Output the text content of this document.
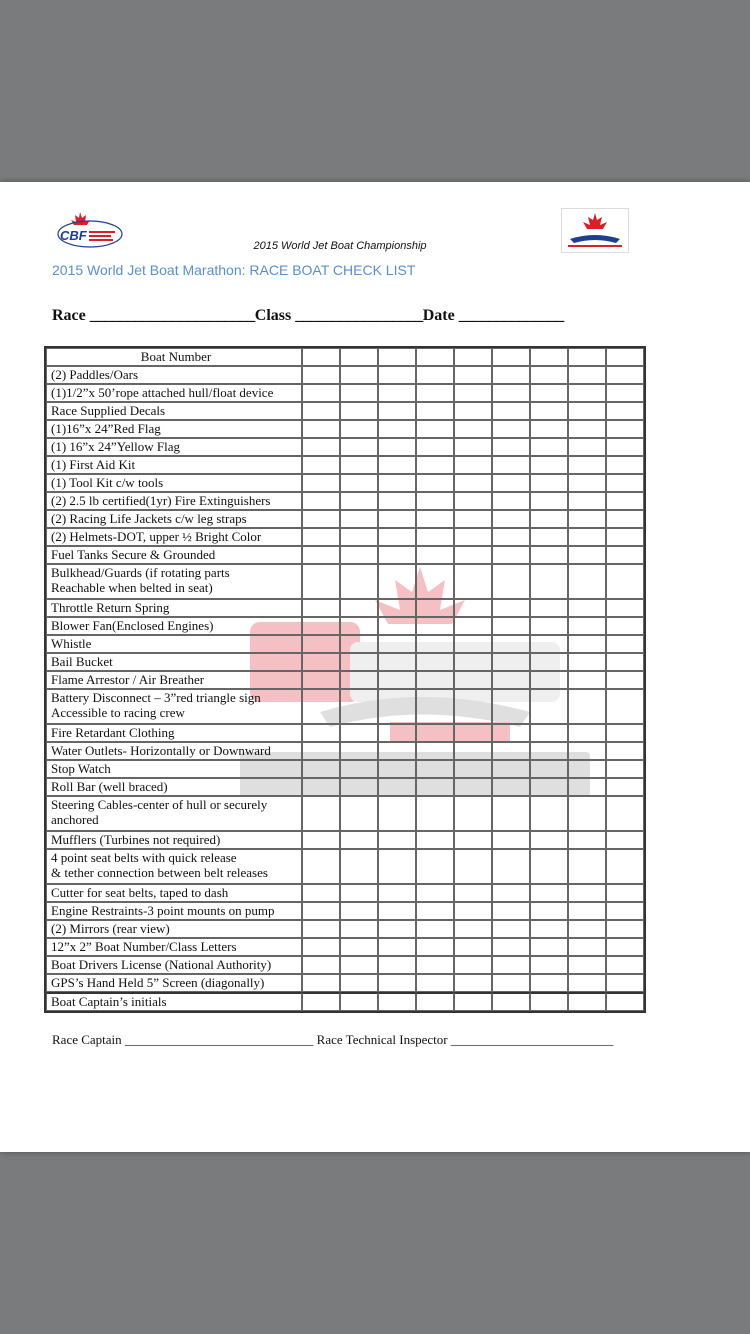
CBF
2015 World Jet Boat Championship
2015 World Jet Boat Marathon: RACE BOAT CHECK LIST
Race ______________________Class _________________Date ______________
Boat Number									
(2) Paddles/Oars									
(1)1/2”x 50’rope attached hull/float device									
Race Supplied Decals									
(1)16”x 24”Red Flag									
(1) 16”x 24”Yellow Flag									
(1) First Aid Kit									
(1) Tool Kit c/w tools									
(2) 2.5 lb certified(1yr) Fire Extinguishers									
(2) Racing Life Jackets c/w leg straps									
(2) Helmets-DOT, upper ½ Bright Color									
Fuel Tanks Secure & Grounded									
Bulkhead/Guards (if rotating parts
Reachable when belted in seat)									
Throttle Return Spring									
Blower Fan(Enclosed Engines)									
Whistle									
Bail Bucket									
Flame Arrestor / Air Breather									
Battery Disconnect – 3”red triangle sign
Accessible to racing crew									
Fire Retardant Clothing									
Water Outlets- Horizontally or Downward									
Stop Watch									
Roll Bar (well braced)									
Steering Cables-center of hull or securely
anchored									
Mufflers (Turbines not required)									
4 point seat belts with quick release
& tether connection between belt releases									
Cutter for seat belts, taped to dash									
Engine Restraints-3 point mounts on pump									
(2) Mirrors (rear view)									
12”x 2” Boat Number/Class Letters									
Boat Drivers License (National Authority)									
GPS’s Hand Held 5” Screen (diagonally)									
Boat Captain’s initials									
Race Captain _____________________________ Race Technical Inspector _________________________
